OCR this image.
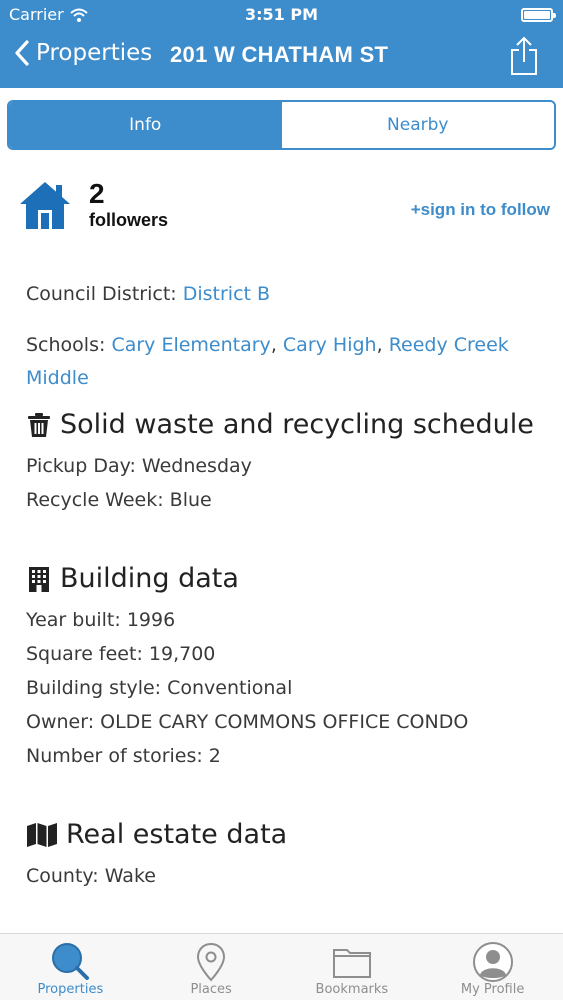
Carrier	3:51 PM
Properties 201 W CHATHAM ST
Info	Nearby
2
followers
+sign in to follow
Council District: District B
Schools: Cary Elementary, Cary High, Reedy Creek Middle
Solid waste and recycling schedule
Pickup Day: Wednesday
Recycle Week: Blue
Building data
Year built: 1996
Square feet: 19,700
Building style: Conventional
Owner: OLDE CARY COMMONS OFFICE CONDO
Number of stories: 2
Real estate data
County: Wake
Properties	Places	Bookmarks	My Profile
